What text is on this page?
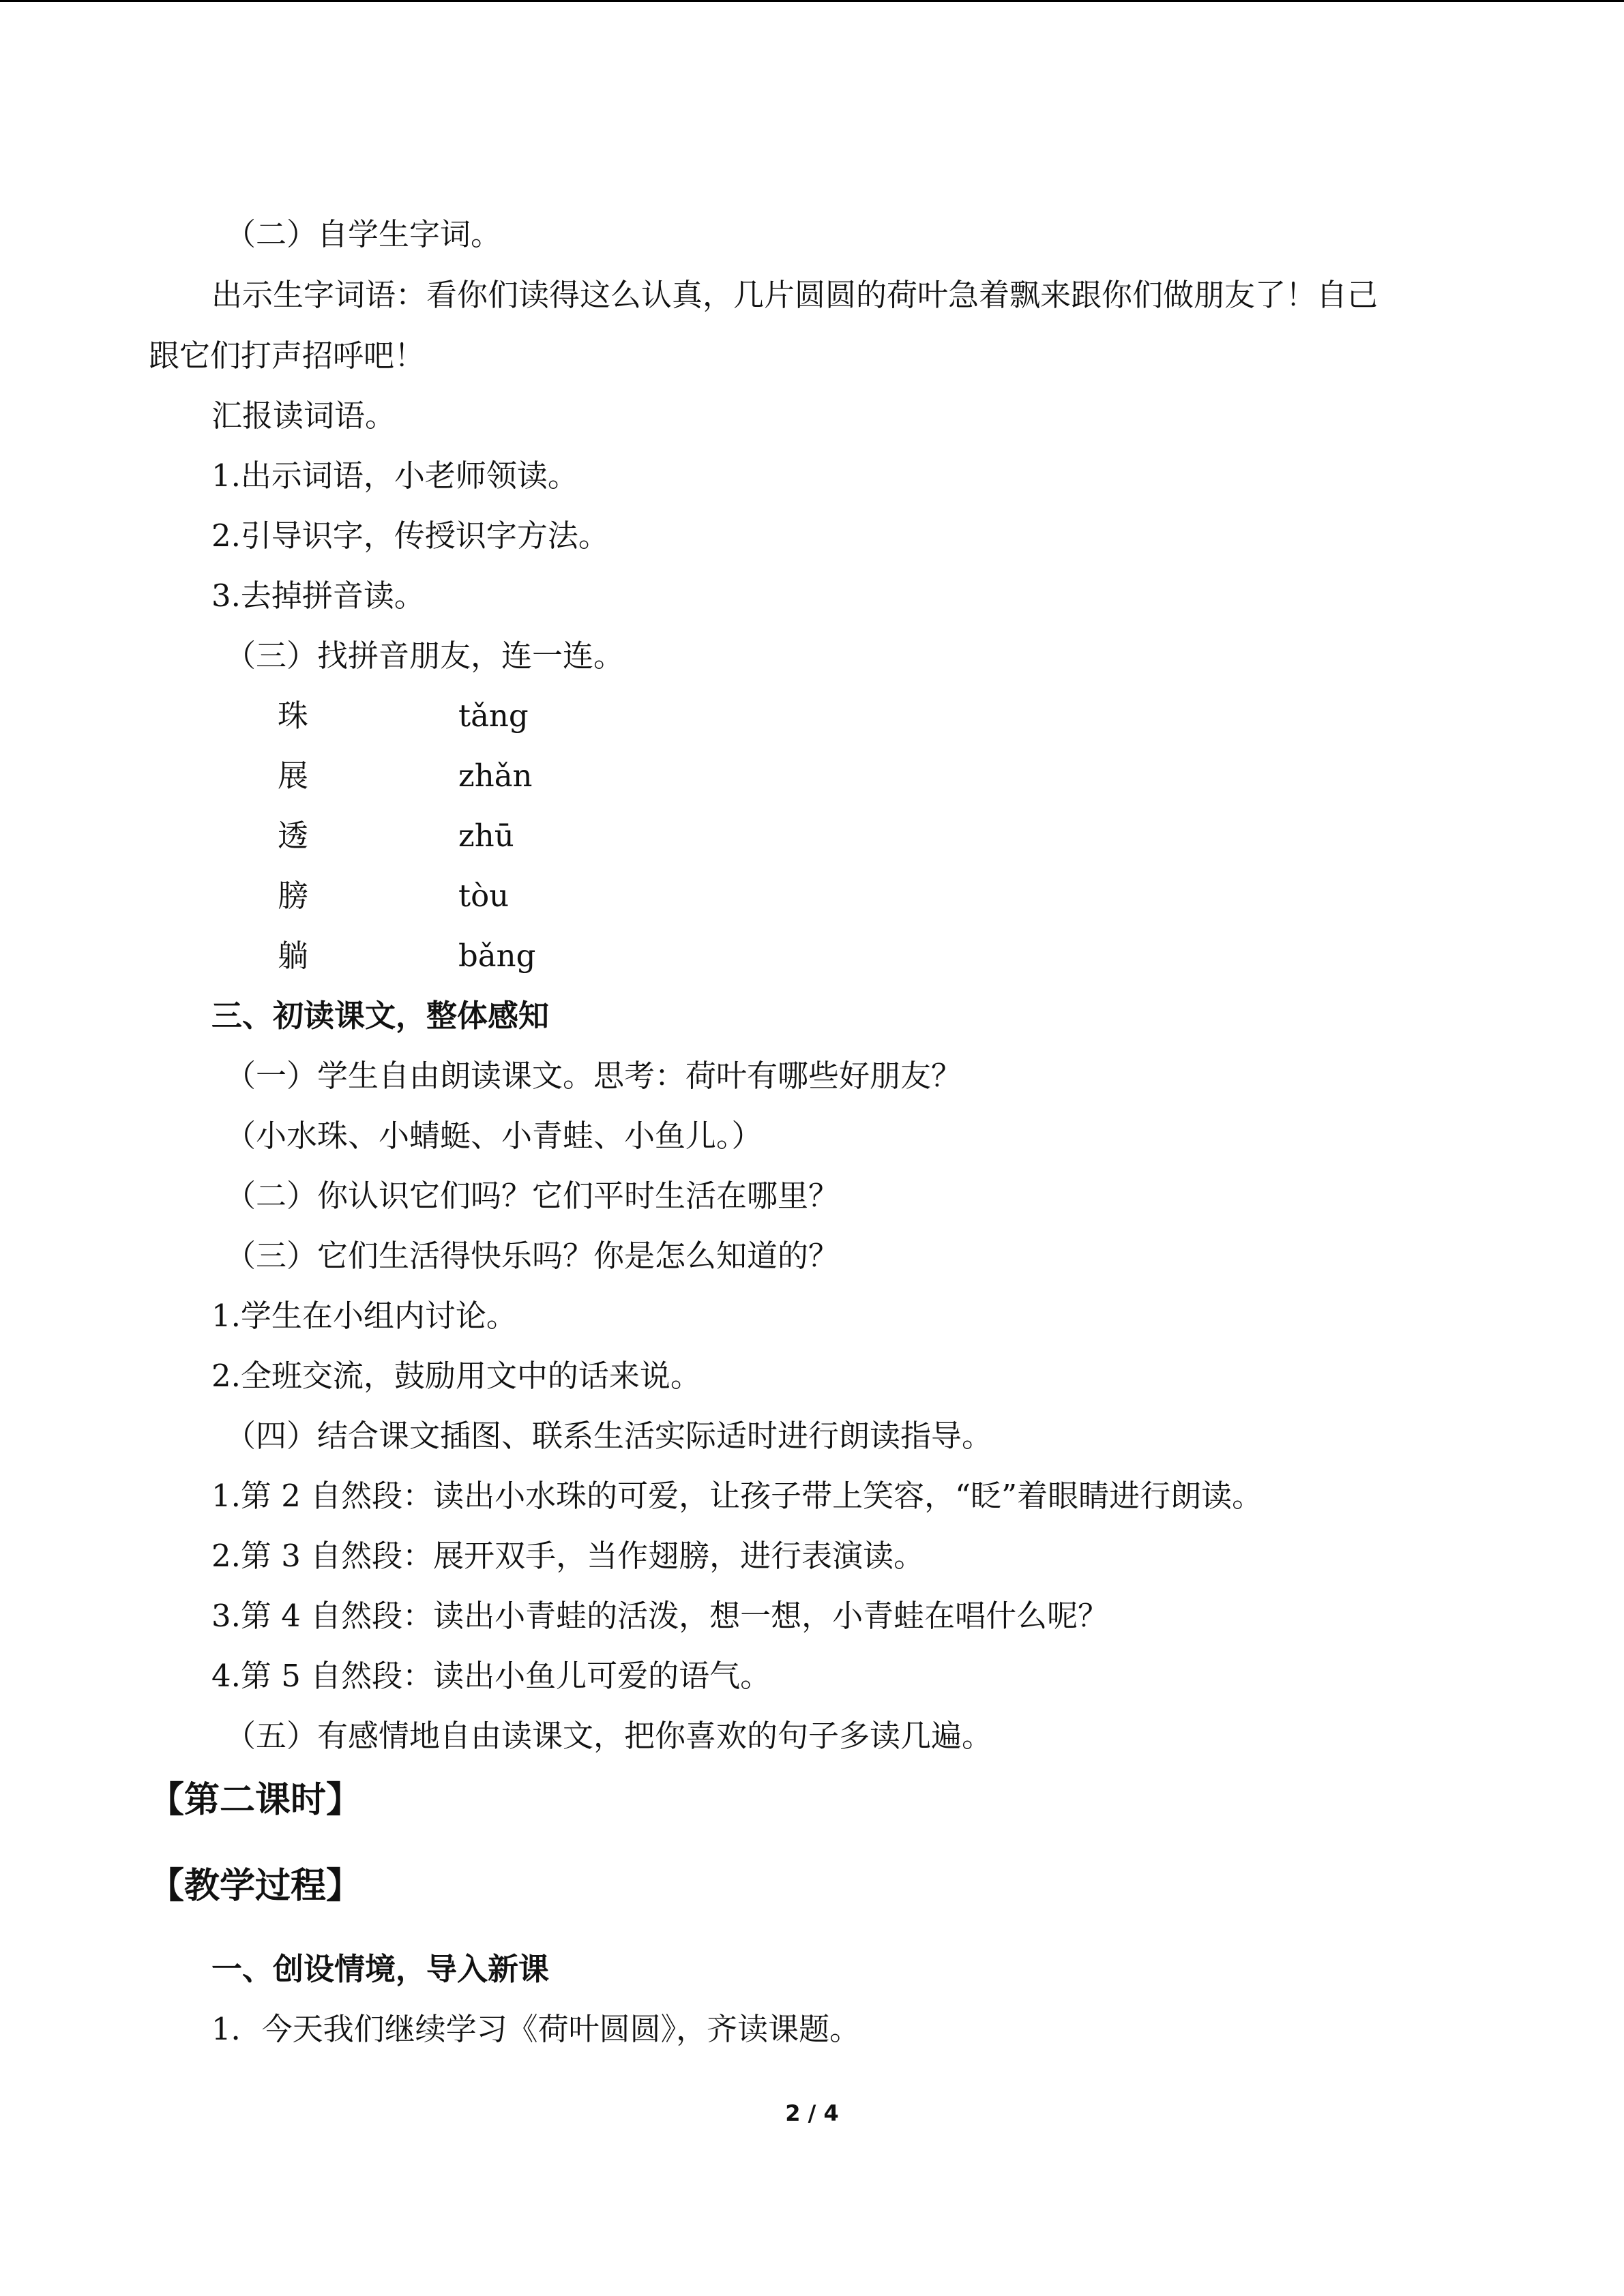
（二）自学生字词。
出示生字词语：看你们读得这么认真，几片圆圆的荷叶急着飘来跟你们做朋友了！自己
跟它们打声招呼吧！
汇报读词语。
1.出示词语，小老师领读。
2.引导识字，传授识字方法。
3.去掉拼音读。
（三）找拼音朋友，连一连。
珠	tǎng
展	zhǎn
透	zhū
膀	tòu
躺	bǎng
三、初读课文，整体感知
（一）学生自由朗读课文。思考：荷叶有哪些好朋友？
（小水珠、小蜻蜓、小青蛙、小鱼儿。）
（二）你认识它们吗？它们平时生活在哪里？
（三）它们生活得快乐吗？你是怎么知道的？
1.学生在小组内讨论。
2.全班交流，鼓励用文中的话来说。
（四）结合课文插图、联系生活实际适时进行朗读指导。
1.第 2 自然段：读出小水珠的可爱，让孩子带上笑容，“眨”着眼睛进行朗读。
2.第 3 自然段：展开双手，当作翅膀，进行表演读。
3.第 4 自然段：读出小青蛙的活泼，想一想，小青蛙在唱什么呢？
4.第 5 自然段：读出小鱼儿可爱的语气。
（五）有感情地自由读课文，把你喜欢的句子多读几遍。
【第二课时】
【教学过程】
一、创设情境，导入新课
1．今天我们继续学习《荷叶圆圆》，齐读课题。
2 / 4
